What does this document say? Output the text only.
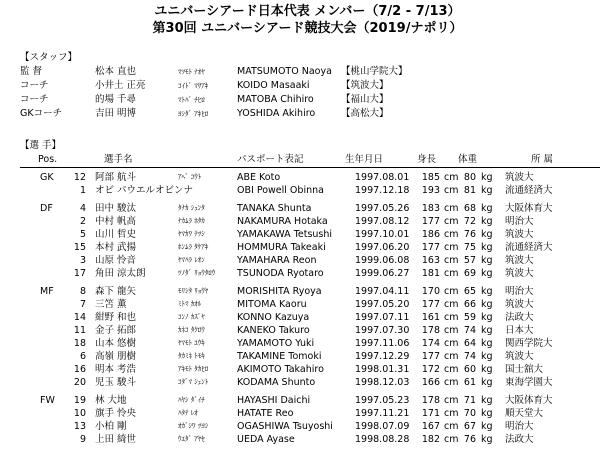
ユニバーシアード日本代表 メンバー（7/2 - 7/13）
第30回 ユニバーシアード競技大会（2019/ナポリ）
【スタッフ】
監 督	松本 直也	ﾏﾂﾓﾄ ﾅｵﾔ	MATSUMOTO Naoya 【桃山学院大】
コーチ	小井土 正亮	ｺｲﾄﾞ ﾏｻｱｷ	KOIDO Masaaki	【筑波大】
コーチ	的場 千尋	ﾏﾄﾊﾞ ﾁﾋﾛ	MATOBA Chihiro	【福山大】
GKコーチ	吉田 明博	ﾖｼﾀﾞ ｱｷﾋﾛ	YOSHIDA Akihiro	【高松大】
【選 手】
Pos.	選手名	パスポート表記	生年月日	身長 体重	所 属
GK	12 阿部 航斗	ｱﾍﾞ ｺｳﾄ	ABE Koto	1997.08.01	185 cm 80 kg 筑波大
1 オビ パウエルオビンナ	OBI Powell Obinna	1997.12.18	193 cm 81 kg 流通経済大
DF	4 田中 駿汰	ﾀﾅｶ ｼｭﾝﾀ	TANAKA Shunta	1997.05.26	183 cm 68 kg 大阪体育大
2 中村 帆高	ﾅｶﾑﾗ ﾎﾀｶ	NAKAMURA Hotaka	1997.08.12	177 cm 72 kg 明治大
5 山川 哲史	ﾔﾏｶﾜ ﾃﾂｼ	YAMAKAWA Tetsushi 1997.10.01	186 cm 76 kg 筑波大
15 本村 武揚	ﾎﾝﾑﾗ ﾀｹｱｷ	HOMMURA Takeaki	1997.06.20	177 cm 75 kg 流通経済大
3 山原 怜音	ﾔﾏﾊﾗ ﾚｵﾝ	YAMAHARA Reon	1999.06.08	163 cm 57 kg 筑波大
17 角田 涼太朗	ﾂﾉﾀﾞ ﾘｮｳﾀﾛｳ TSUNODA Ryotaro	1999.06.27	181 cm 69 kg 筑波大
MF	8 森下 龍矢	ﾓﾘｼﾀ ﾘｮｳﾔ	MORISHITA Ryoya	1997.04.11	170 cm 65 kg 明治大
7 三笘 薫	ﾐﾄﾏ ｶｵﾙ	MITOMA Kaoru	1997.05.20	177 cm 66 kg 筑波大
14 紺野 和也	ｺﾝﾉ ｶｽﾞﾔ	KONNO Kazuya	1997.07.11	161 cm 59 kg 法政大
11 金子 拓郎	ｶﾈｺ ﾀｸﾛｳ	KANEKO Takuro	1997.07.30	178 cm 74 kg 日本大
18 山本 悠樹	ﾔﾏﾓﾄ ﾕｳｷ	YAMAMOTO Yuki	1997.11.06	174 cm 64 kg 関西学院大
6 高嶺 朋樹	ﾀｶﾐﾈ ﾄﾓｷ	TAKAMINE Tomoki	1997.12.29	177 cm 74 kg 筑波大
16 明本 考浩	ｱｷﾓﾄ ﾀｶﾋﾛ	AKIMOTO Takahiro	1998.01.31	172 cm 60 kg 国士舘大
20 児玉 駿斗	ｺﾀﾞﾏ ｼｭﾝﾄ	KODAMA Shunto	1998.12.03	166 cm 61 kg 東海学園大
FW	19 林 大地	ﾊﾔｼ ﾀﾞｲﾁ	HAYASHI Daichi	1997.05.23	178 cm 71 kg 大阪体育大
10 旗手 怜央	ﾊﾀﾃ ﾚｵ	HATATE Reo	1997.11.21	171 cm 70 kg 順天堂大
13 小柏 剛	ｵｶﾞｼﾜ ﾂﾖｼ	OGASHIWA Tsuyoshi 1998.07.09	167 cm 67 kg 明治大
9 上田 綺世	ｳｴﾀﾞ ｱﾔｾ	UEDA Ayase	1998.08.28	182 cm 76 kg 法政大
